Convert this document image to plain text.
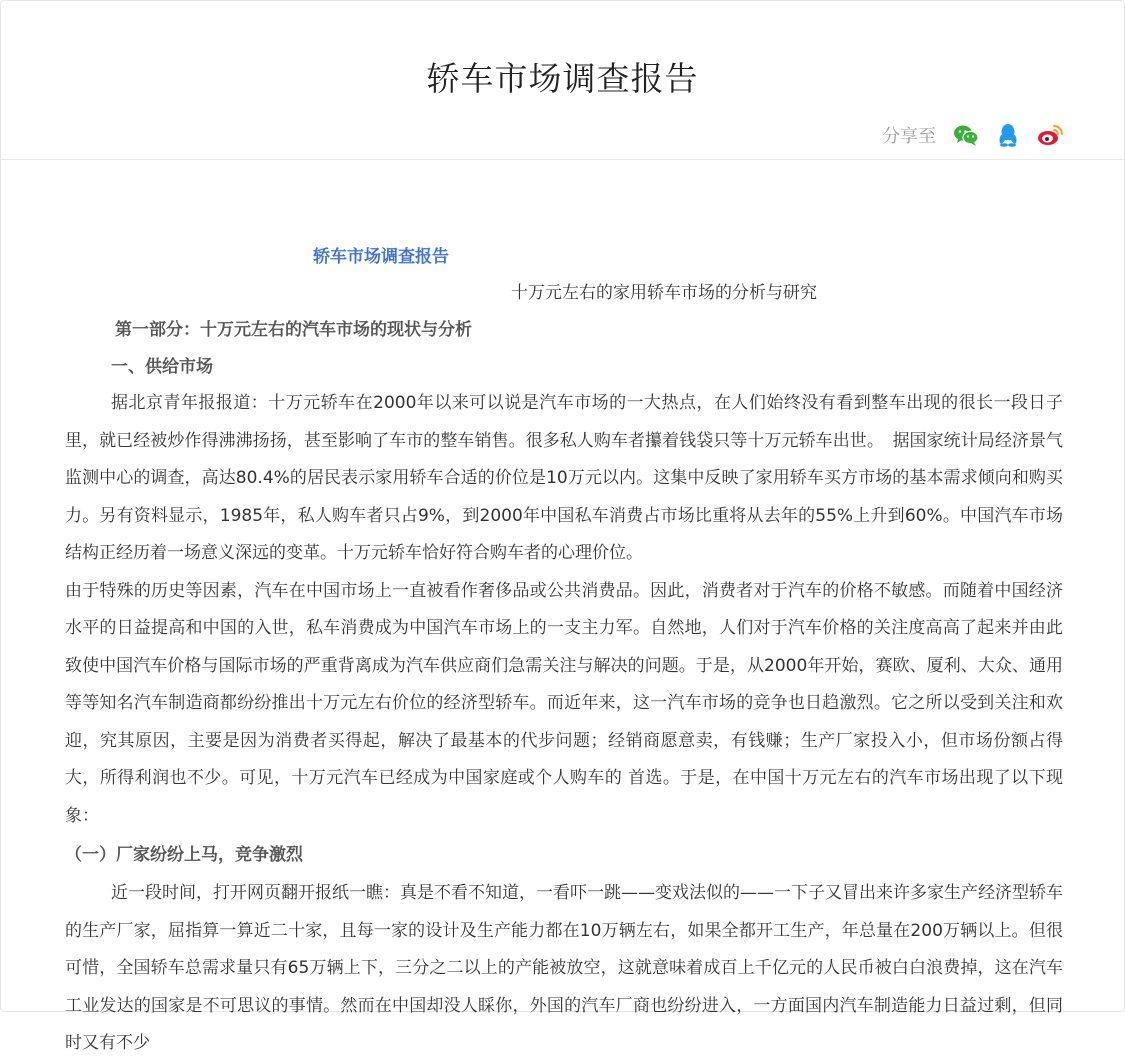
轿车市场调查报告
分享至
轿车市场调查报告
十万元左右的家用轿车市场的分析与研究
第一部分：十万元左右的汽车市场的现状与分析
一、供给市场

据北京青年报报道：十万元轿车在2000年以来可以说是汽车市场的一大热点，在人们始终没有看到整车出现的很长一段日子里，就已经被炒作得沸沸扬扬，甚至影响了车市的整车销售。很多私人购车者攥着钱袋只等十万元轿车出世。　据国家统计局经济景气监测中心的调查，高达80.4%的居民表示家用轿车合适的价位是10万元以内。这集中反映了家用轿车买方市场的基本需求倾向和购买力。另有资料显示，1985年，私人购车者只占9%，到2000年中国私车消费占市场比重将从去年的55%上升到60%。中国汽车市场结构正经历着一场意义深远的变革。十万元轿车恰好符合购车者的心理价位。

由于特殊的历史等因素，汽车在中国市场上一直被看作奢侈品或公共消费品。因此，消费者对于汽车的价格不敏感。而随着中国经济水平的日益提高和中国的入世，私车消费成为中国汽车市场上的一支主力军。自然地，人们对于汽车价格的关注度高高了起来并由此致使中国汽车价格与国际市场的严重背离成为汽车供应商们急需关注与解决的问题。于是，从2000年开始，赛欧、厦利、大众、通用等等知名汽车制造商都纷纷推出十万元左右价位的经济型轿车。而近年来，这一汽车市场的竞争也日趋激烈。它之所以受到关注和欢迎，究其原因，主要是因为消费者买得起，解决了最基本的代步问题；经销商愿意卖，有钱赚；生产厂家投入小，但市场份额占得大，所得利润也不少。可见，十万元汽车已经成为中国家庭或个人购车的 首选。于是，在中国十万元左右的汽车市场出现了以下现象：

（一）厂家纷纷上马，竞争激烈

近一段时间，打开网页翻开报纸一瞧：真是不看不知道，一看吓一跳——变戏法似的——一下子又冒出来许多家生产经济型轿车的生产厂家，屈指算一算近二十家，且每一家的设计及生产能力都在10万辆左右，如果全都开工生产，年总量在200万辆以上。但很可惜，全国轿车总需求量只有65万辆上下，三分之二以上的产能被放空，这就意味着成百上千亿元的人民币被白白浪费掉，这在汽车工业发达的国家是不可思议的事情。然而在中国却没人睬你，外国的汽车厂商也纷纷进入，一方面国内汽车制造能力日益过剩，但同时又有不少
